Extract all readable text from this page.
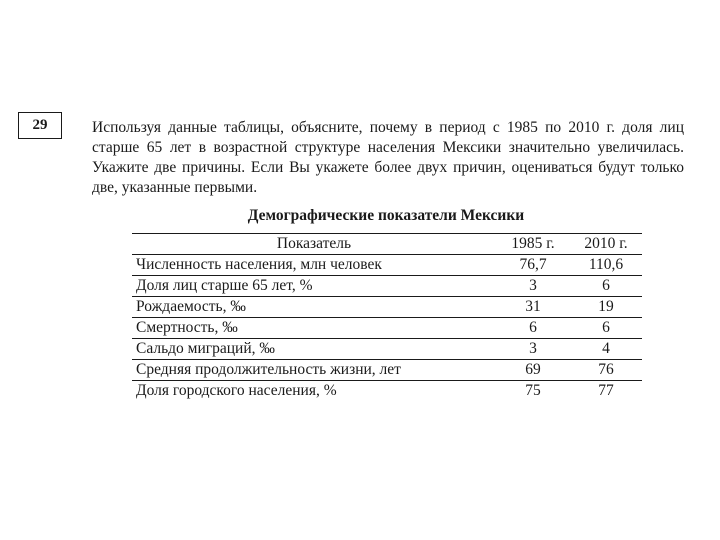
29	Используя данные таблицы, объясните, почему в период с 1985 по 2010 г. доля лиц старше 65 лет в возрастной структуре населения Мексики значительно увеличилась. Укажите две причины. Если Вы укажете более двух причин, оцениваться будут только две, указанные первыми.
Демографические показатели Мексики
Показатель	1985 г.	2010 г.
Численность населения, млн человек	76,7	110,6
Доля лиц старше 65 лет, %	3	6
Рождаемость, ‰	31	19
Смертность, ‰	6	6
Сальдо миграций, ‰	3	4
Средняя продолжительность жизни, лет	69	76
Доля городского населения, %	75	77
